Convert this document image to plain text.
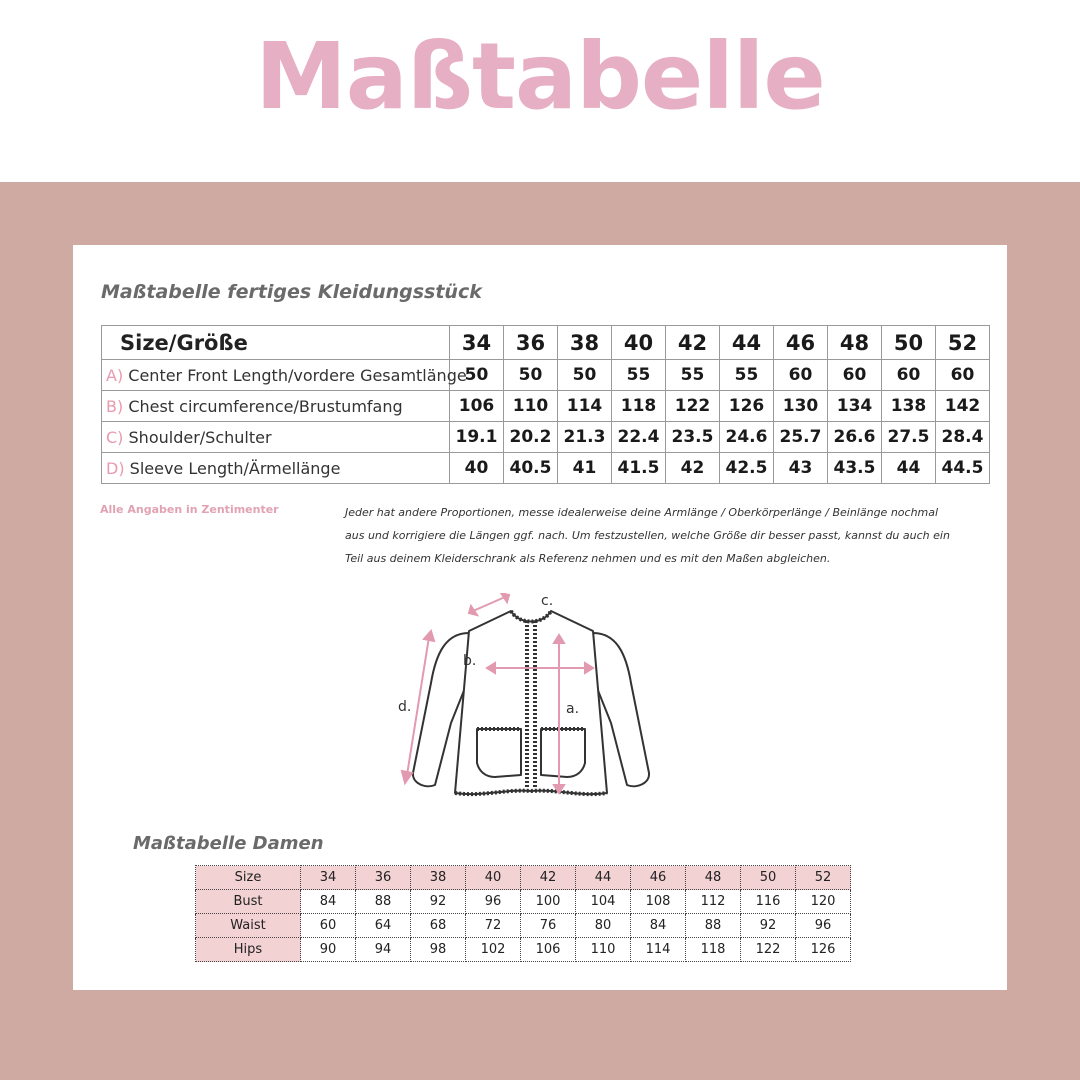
Maßtabelle
Maßtabelle fertiges Kleidungsstück
Size/Größe	34	36	38	40	42	44	46	48	50	52
A) Center Front Length/vordere Gesamtlänge	50	50	50	55	55	55	60	60	60	60
B) Chest circumference/Brustumfang	106	110	114	118	122	126	130	134	138	142
C) Shoulder/Schulter	19.1	20.2	21.3	22.4	23.5	24.6	25.7	26.6	27.5	28.4
D) Sleeve Length/Ärmellänge	40	40.5	41	41.5	42	42.5	43	43.5	44	44.5
Alle Angaben in Zentimenter	Jeder hat andere Proportionen, messe idealerweise deine Armlänge / Oberkörperlänge / Beinlänge nochmal
aus und korrigiere die Längen ggf. nach. Um festzustellen, welche Größe dir besser passt, kannst du auch ein
Teil aus deinem Kleiderschrank als Referenz nehmen und es mit den Maßen abgleichen.
c.
b.
a.
d.
Maßtabelle Damen
Size	34	36	38	40	42	44	46	48	50	52
Bust	84	88	92	96	100	104	108	112	116	120
Waist	60	64	68	72	76	80	84	88	92	96
Hips	90	94	98	102	106	110	114	118	122	126
